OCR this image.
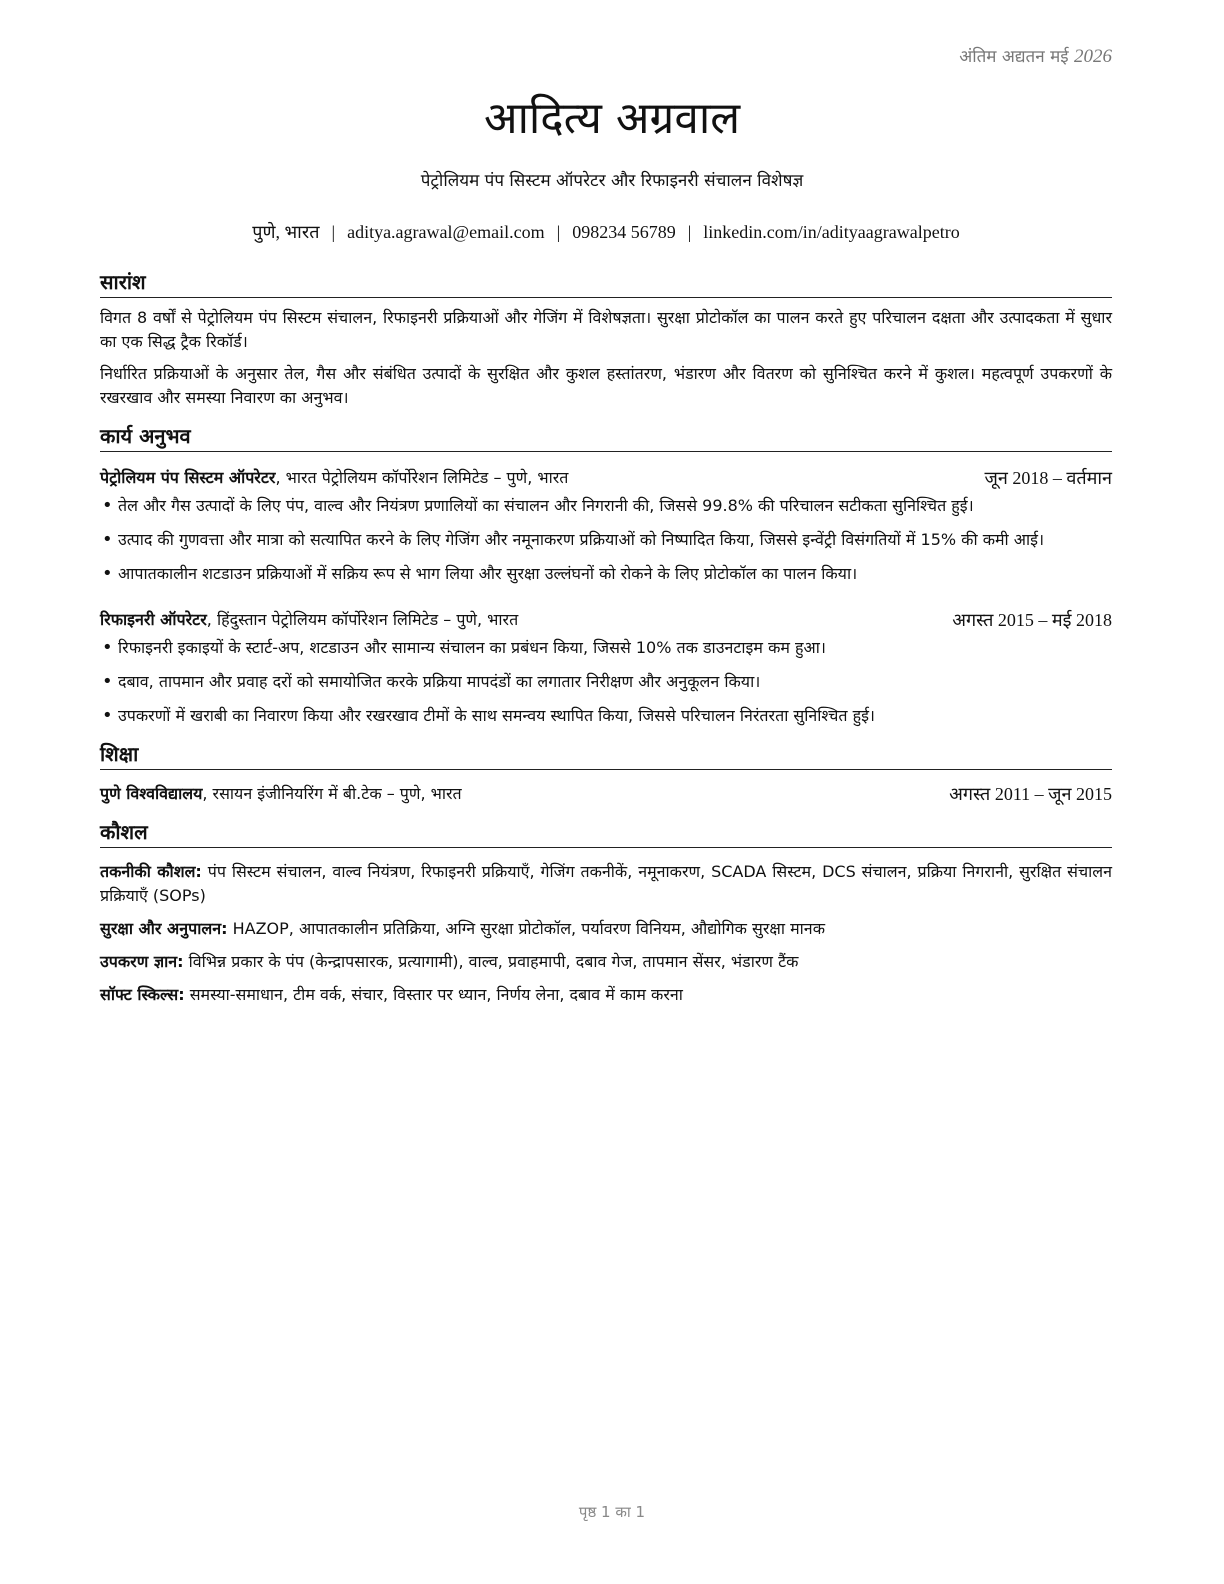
अंतिम अद्यतन मई 2026
आदित्य अग्रवाल
पेट्रोलियम पंप सिस्टम ऑपरेटर और रिफाइनरी संचालन विशेषज्ञ
पुणे, भारत | aditya.agrawal@email.com | 098234 56789 | linkedin.com/in/adityaagrawalpetro
सारांश

विगत 8 वर्षों से पेट्रोलियम पंप सिस्टम संचालन, रिफाइनरी प्रक्रियाओं और गेजिंग में विशेषज्ञता। सुरक्षा प्रोटोकॉल का पालन करते हुए परिचालन दक्षता और उत्पादकता में सुधार का एक सिद्ध ट्रैक रिकॉर्ड।

निर्धारित प्रक्रियाओं के अनुसार तेल, गैस और संबंधित उत्पादों के सुरक्षित और कुशल हस्तांतरण, भंडारण और वितरण को सुनिश्चित करने में कुशल। महत्वपूर्ण उपकरणों के रखरखाव और समस्या निवारण का अनुभव।

कार्य अनुभव
पेट्रोलियम पंप सिस्टम ऑपरेटर, भारत पेट्रोलियम कॉर्पोरेशन लिमिटेड – पुणे, भारत	जून 2018 – वर्तमान
• तेल और गैस उत्पादों के लिए पंप, वाल्व और नियंत्रण प्रणालियों का संचालन और निगरानी की, जिससे 99.8% की परिचालन सटीकता सुनिश्चित हुई।
• उत्पाद की गुणवत्ता और मात्रा को सत्यापित करने के लिए गेजिंग और नमूनाकरण प्रक्रियाओं को निष्पादित किया, जिससे इन्वेंट्री विसंगतियों में 15% की कमी आई।
• आपातकालीन शटडाउन प्रक्रियाओं में सक्रिय रूप से भाग लिया और सुरक्षा उल्लंघनों को रोकने के लिए प्रोटोकॉल का पालन किया।
रिफाइनरी ऑपरेटर, हिंदुस्तान पेट्रोलियम कॉर्पोरेशन लिमिटेड – पुणे, भारत	अगस्त 2015 – मई 2018
• रिफाइनरी इकाइयों के स्टार्ट-अप, शटडाउन और सामान्य संचालन का प्रबंधन किया, जिससे 10% तक डाउनटाइम कम हुआ।
• दबाव, तापमान और प्रवाह दरों को समायोजित करके प्रक्रिया मापदंडों का लगातार निरीक्षण और अनुकूलन किया।
• उपकरणों में खराबी का निवारण किया और रखरखाव टीमों के साथ समन्वय स्थापित किया, जिससे परिचालन निरंतरता सुनिश्चित हुई।
शिक्षा
पुणे विश्वविद्यालय, रसायन इंजीनियरिंग में बी.टेक – पुणे, भारत	अगस्त 2011 – जून 2015
कौशल
तकनीकी कौशल: पंप सिस्टम संचालन, वाल्व नियंत्रण, रिफाइनरी प्रक्रियाएँ, गेजिंग तकनीकें, नमूनाकरण, SCADA सिस्टम, DCS संचालन, प्रक्रिया निगरानी, सुरक्षित संचालन प्रक्रियाएँ (SOPs)
सुरक्षा और अनुपालन: HAZOP, आपातकालीन प्रतिक्रिया, अग्नि सुरक्षा प्रोटोकॉल, पर्यावरण विनियम, औद्योगिक सुरक्षा मानक
उपकरण ज्ञान: विभिन्न प्रकार के पंप (केन्द्रापसारक, प्रत्यागामी), वाल्व, प्रवाहमापी, दबाव गेज, तापमान सेंसर, भंडारण टैंक
सॉफ्ट स्किल्स: समस्या-समाधान, टीम वर्क, संचार, विस्तार पर ध्यान, निर्णय लेना, दबाव में काम करना
पृष्ठ 1 का 1
